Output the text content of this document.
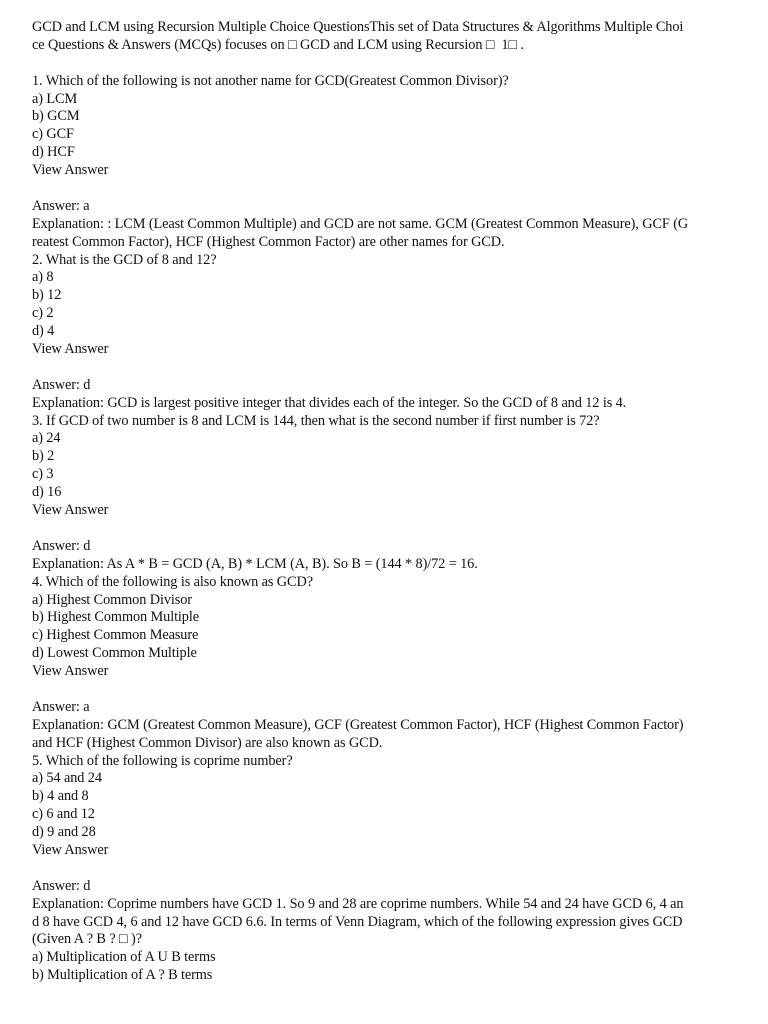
GCD and LCM using Recursion Multiple Choice QuestionsThis set of Data Structures & Algorithms Multiple Choi
ce Questions & Answers (MCQs) focuses on □ GCD and LCM using Recursion □  1□ .
1. Which of the following is not another name for GCD(Greatest Common Divisor)?
a) LCM
b) GCM
c) GCF
d) HCF
View Answer
Answer: a
Explanation: : LCM (Least Common Multiple) and GCD are not same. GCM (Greatest Common Measure), GCF (G
reatest Common Factor), HCF (Highest Common Factor) are other names for GCD.
2. What is the GCD of 8 and 12?
a) 8
b) 12
c) 2
d) 4
View Answer
Answer: d
Explanation: GCD is largest positive integer that divides each of the integer. So the GCD of 8 and 12 is 4.
3. If GCD of two number is 8 and LCM is 144, then what is the second number if first number is 72?
a) 24
b) 2
c) 3
d) 16
View Answer
Answer: d
Explanation: As A * B = GCD (A, B) * LCM (A, B). So B = (144 * 8)/72 = 16.
4. Which of the following is also known as GCD?
a) Highest Common Divisor
b) Highest Common Multiple
c) Highest Common Measure
d) Lowest Common Multiple
View Answer
Answer: a
Explanation: GCM (Greatest Common Measure), GCF (Greatest Common Factor), HCF (Highest Common Factor)
and HCF (Highest Common Divisor) are also known as GCD.
5. Which of the following is coprime number?
a) 54 and 24
b) 4 and 8
c) 6 and 12
d) 9 and 28
View Answer
Answer: d
Explanation: Coprime numbers have GCD 1. So 9 and 28 are coprime numbers. While 54 and 24 have GCD 6, 4 an
d 8 have GCD 4, 6 and 12 have GCD 6.6. In terms of Venn Diagram, which of the following expression gives GCD
(Given A ? B ? □ )?
a) Multiplication of A U B terms
b) Multiplication of A ? B terms
